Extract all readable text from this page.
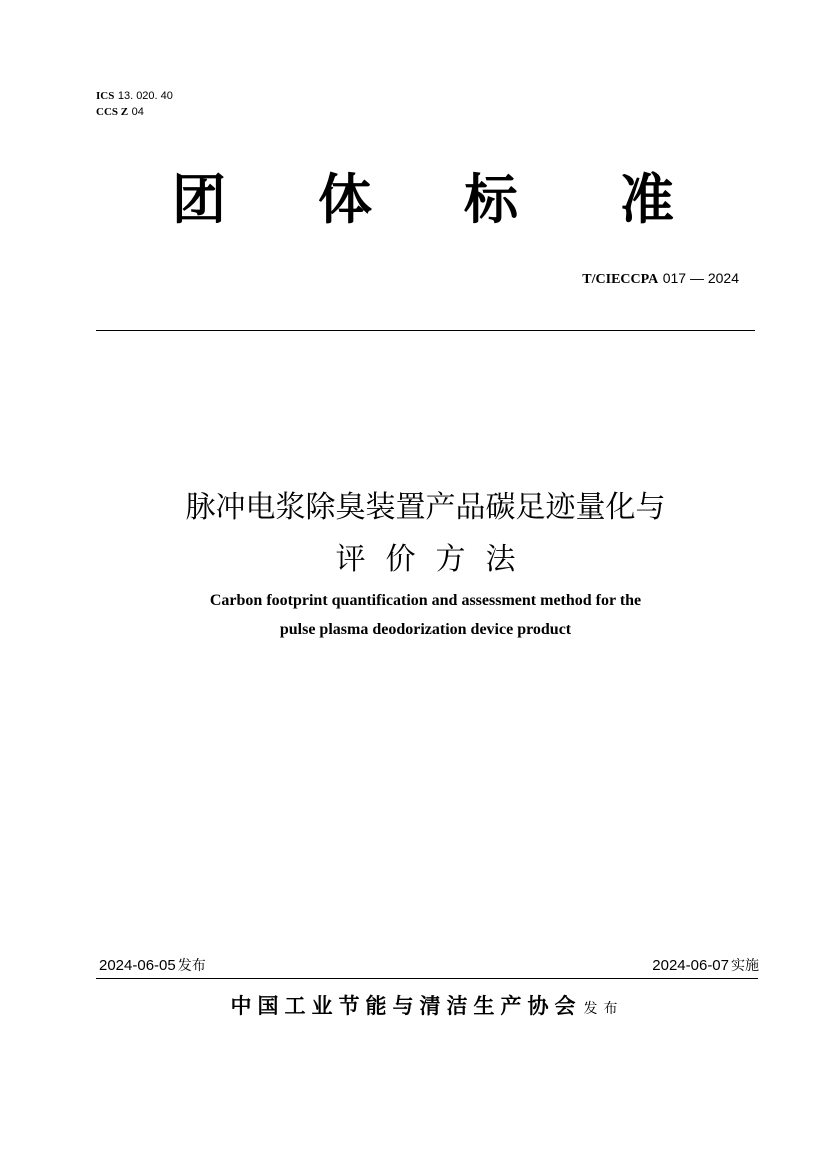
ICS 13. 020. 40
CCS Z 04
团 体 标 准
T/CIECCPA 017 — 2024
脉冲电浆除臭装置产品碳足迹量化与
评价方法
Carbon footprint quantification and assessment method for the
pulse plasma deodorization device product
2024-06-05 发布	2024-06-07 实施
中国工业节能与清洁生产协会 发布
